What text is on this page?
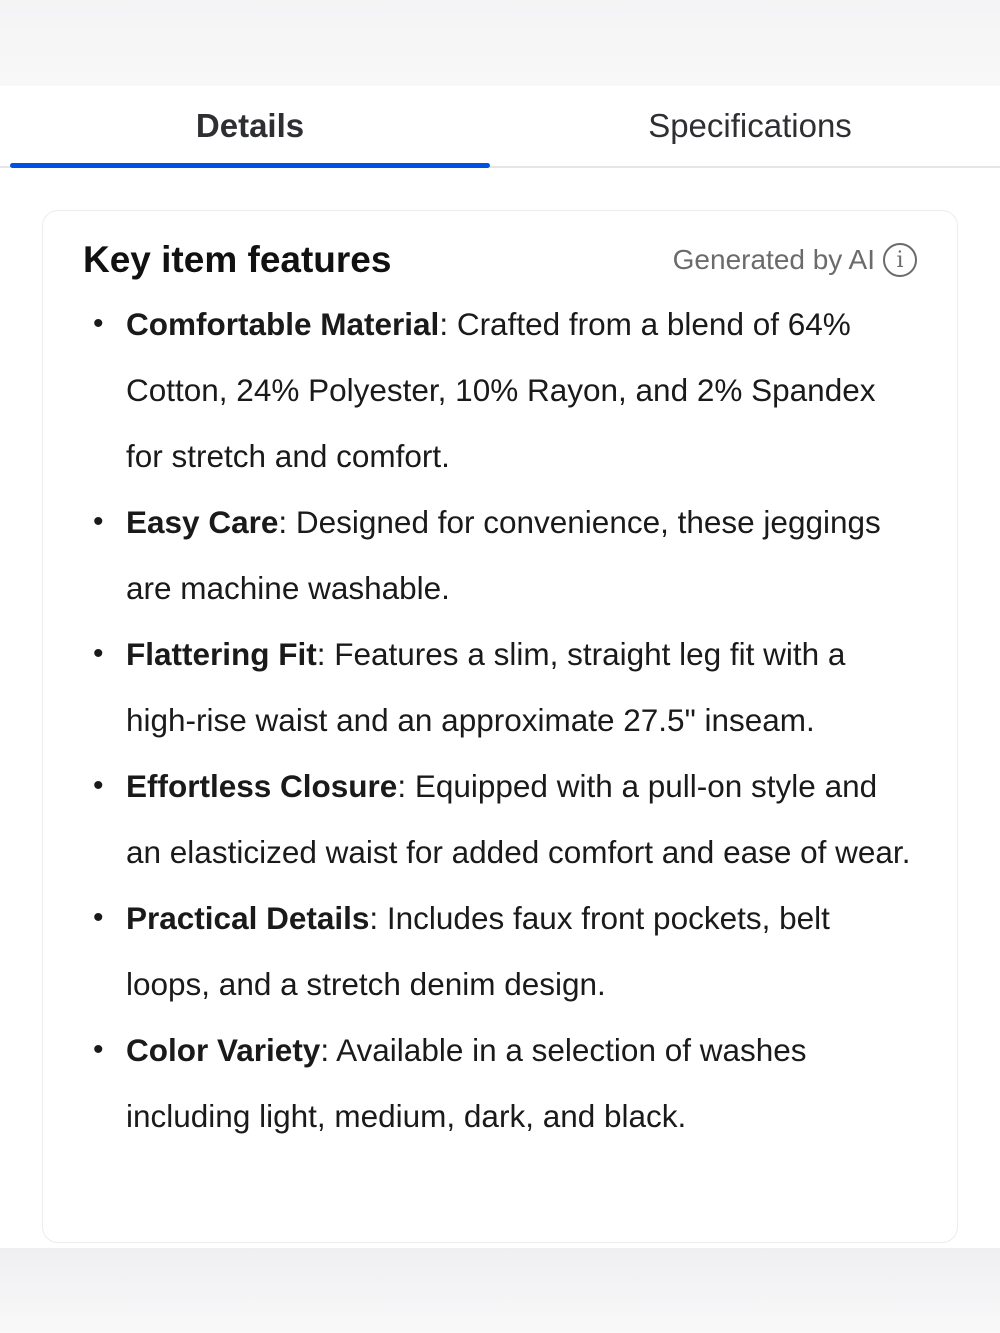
Details	Specifications
Key item features	Generated by AI i
• Comfortable Material: Crafted from a blend of 64% Cotton, 24% Polyester, 10% Rayon, and 2% Spandex for stretch and comfort.
• Easy Care: Designed for convenience, these jeggings are machine washable.
• Flattering Fit: Features a slim, straight leg fit with a high-rise waist and an approximate 27.5" inseam.
• Effortless Closure: Equipped with a pull-on style and an elasticized waist for added comfort and ease of wear.
• Practical Details: Includes faux front pockets, belt loops, and a stretch denim design.
• Color Variety: Available in a selection of washes including light, medium, dark, and black.
